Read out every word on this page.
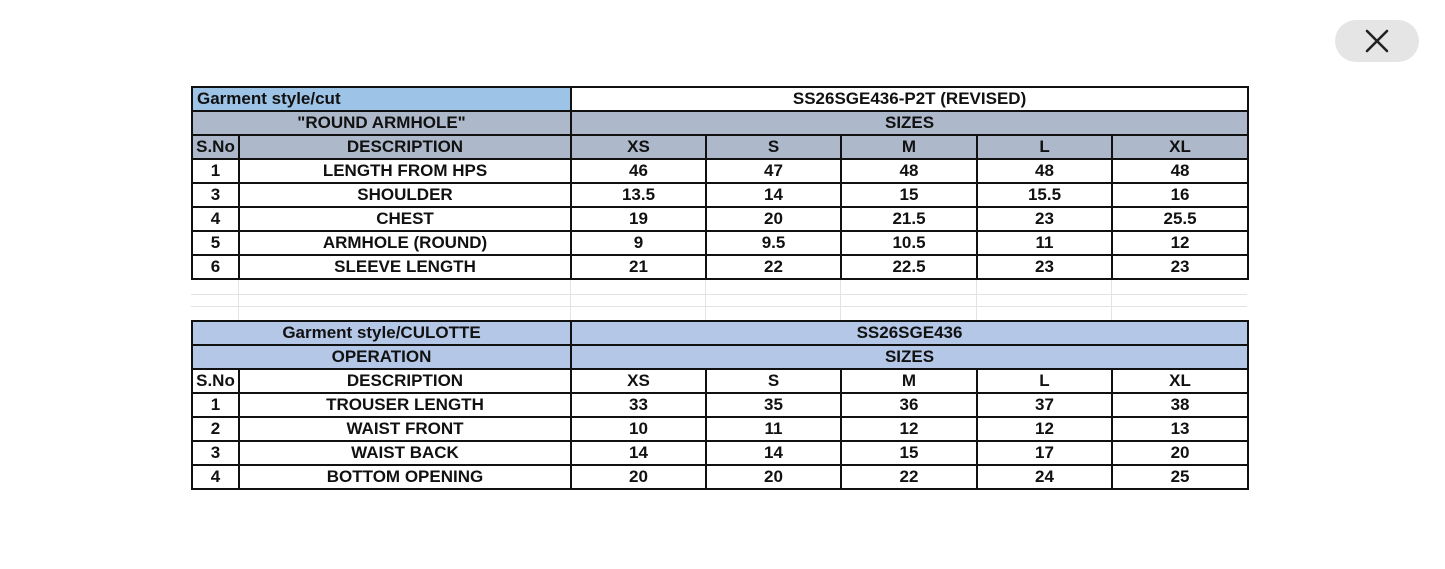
Garment style/cut		SS26SGE436-P2T (REVISED)				
"ROUND ARMHOLE"		SIZES				
S.No	DESCRIPTION	XS	S	M	L	XL
1	LENGTH FROM HPS	46	47	48	48	48
3	SHOULDER	13.5	14	15	15.5	16
4	CHEST	19	20	21.5	23	25.5
5	ARMHOLE (ROUND)	9	9.5	10.5	11	12
6	SLEEVE LENGTH	21	22	22.5	23	23
Garment style/CULOTTE		SS26SGE436				
OPERATION		SIZES				
S.No	DESCRIPTION	XS	S	M	L	XL
1	TROUSER LENGTH	33	35	36	37	38
2	WAIST FRONT	10	11	12	12	13
3	WAIST BACK	14	14	15	17	20
4	BOTTOM OPENING	20	20	22	24	25
